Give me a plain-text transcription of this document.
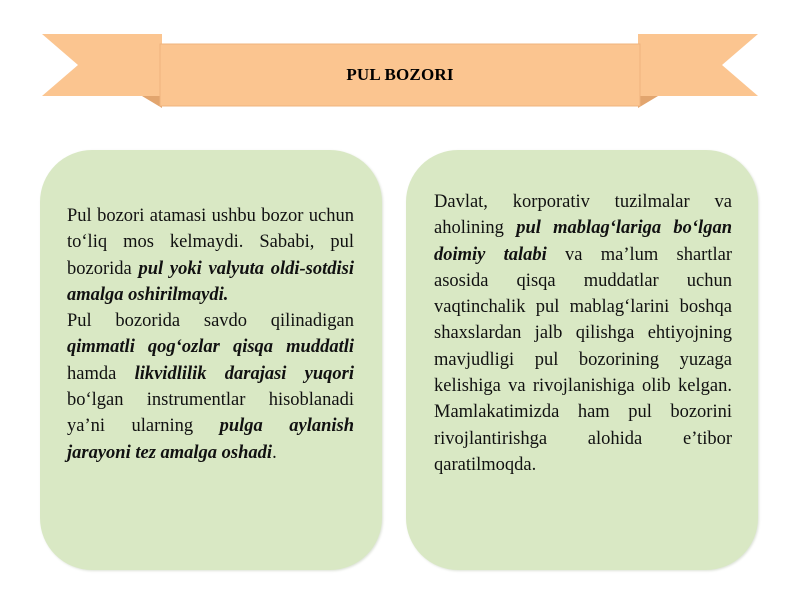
PUL BOZORI

Pul bozori atamasi ushbu bozor uchun to‘liq mos kelmaydi. Sababi, pul bozorida pul yoki valyuta oldi-sotdisi amalga oshirilmaydi.

Pul bozorida savdo qilinadigan qimmatli qog‘ozlar qisqa muddatli hamda likvidlilik darajasi yuqori bo‘lgan instrumentlar hisoblanadi ya’ni ularning pulga aylanish jarayoni tez amalga oshadi.

Davlat, korporativ tuzilmalar va aholining pul mablag‘lariga bo‘lgan doimiy talabi va ma’lum shartlar asosida qisqa muddatlar uchun vaqtinchalik pul mablag‘larini boshqa shaxslardan jalb qilishga ehtiyojning mavjudligi pul bozorining yuzaga kelishiga va rivojlanishiga olib kelgan. Mamlakatimizda ham pul bozorini rivojlantirishga alohida e’tibor qaratilmoqda.
